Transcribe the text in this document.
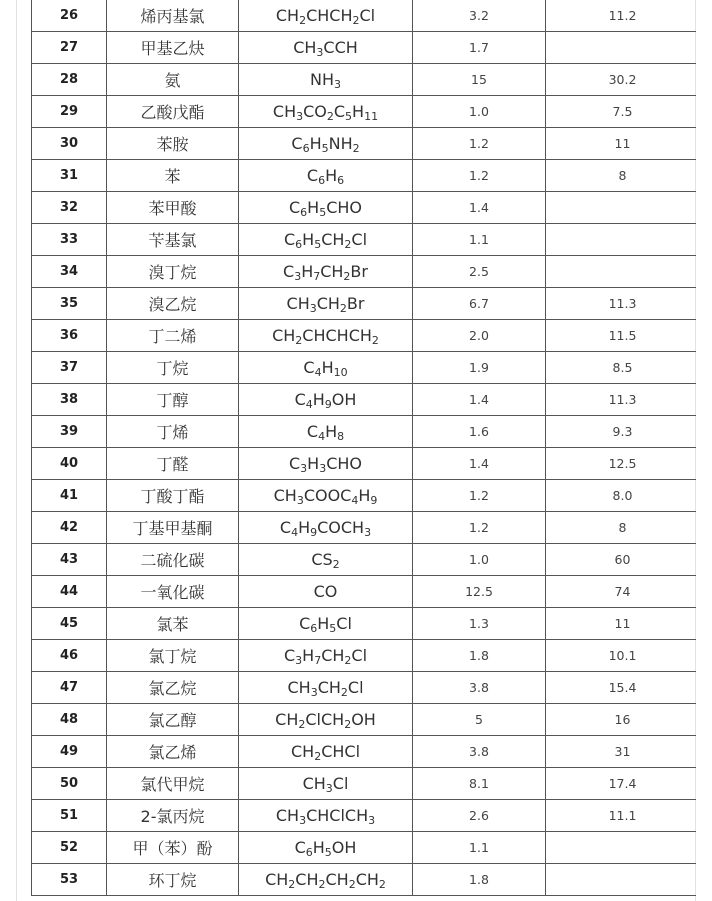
26	烯丙基氯	$CH_2CHCH_2Cl$	3.2	11.2
27	甲基乙炔	$CH_3CCH$	1.7	
28	氨	$NH_3$	15	30.2
29	乙酸戊酯	$CH_3CO_2C_5H_{11}$	1.0	7.5
30	苯胺	$C_6H_5NH_2$	1.2	11
31	苯	$C_6H_6$	1.2	8
32	苯甲酸	$C_6H_5CHO$	1.4	
33	苄基氯	$C_6H_5CH_2Cl$	1.1	
34	溴丁烷	$C_3H_7CH_2Br$	2.5	
35	溴乙烷	$CH_3CH_2Br$	6.7	11.3
36	丁二烯	$CH_2CHCHCH_2$	2.0	11.5
37	丁烷	$C_4H_{10}$	1.9	8.5
38	丁醇	$C_4H_9OH$	1.4	11.3
39	丁烯	$C_4H_8$	1.6	9.3
40	丁醛	$C_3H_3CHO$	1.4	12.5
41	丁酸丁酯	$CH_3COOC_4H_9$	1.2	8.0
42	丁基甲基酮	$C_4H_9COCH_3$	1.2	8
43	二硫化碳	$CS_2$	1.0	60
44	一氧化碳	CO	12.5	74
45	氯苯	$C_6H_5Cl$	1.3	11
46	氯丁烷	$C_3H_7CH_2Cl$	1.8	10.1
47	氯乙烷	$CH_3CH_2Cl$	3.8	15.4
48	氯乙醇	$CH_2ClCH_2OH$	5	16
49	氯乙烯	$CH_2CHCl$	3.8	31
50	氯代甲烷	$CH_3Cl$	8.1	17.4
51	2-氯丙烷	$CH_3CHClCH_3$	2.6	11.1
52	甲（苯）酚	$C_6H_5OH$	1.1	
53	环丁烷	$CH_2CH_2CH_2CH_2$	1.8	
